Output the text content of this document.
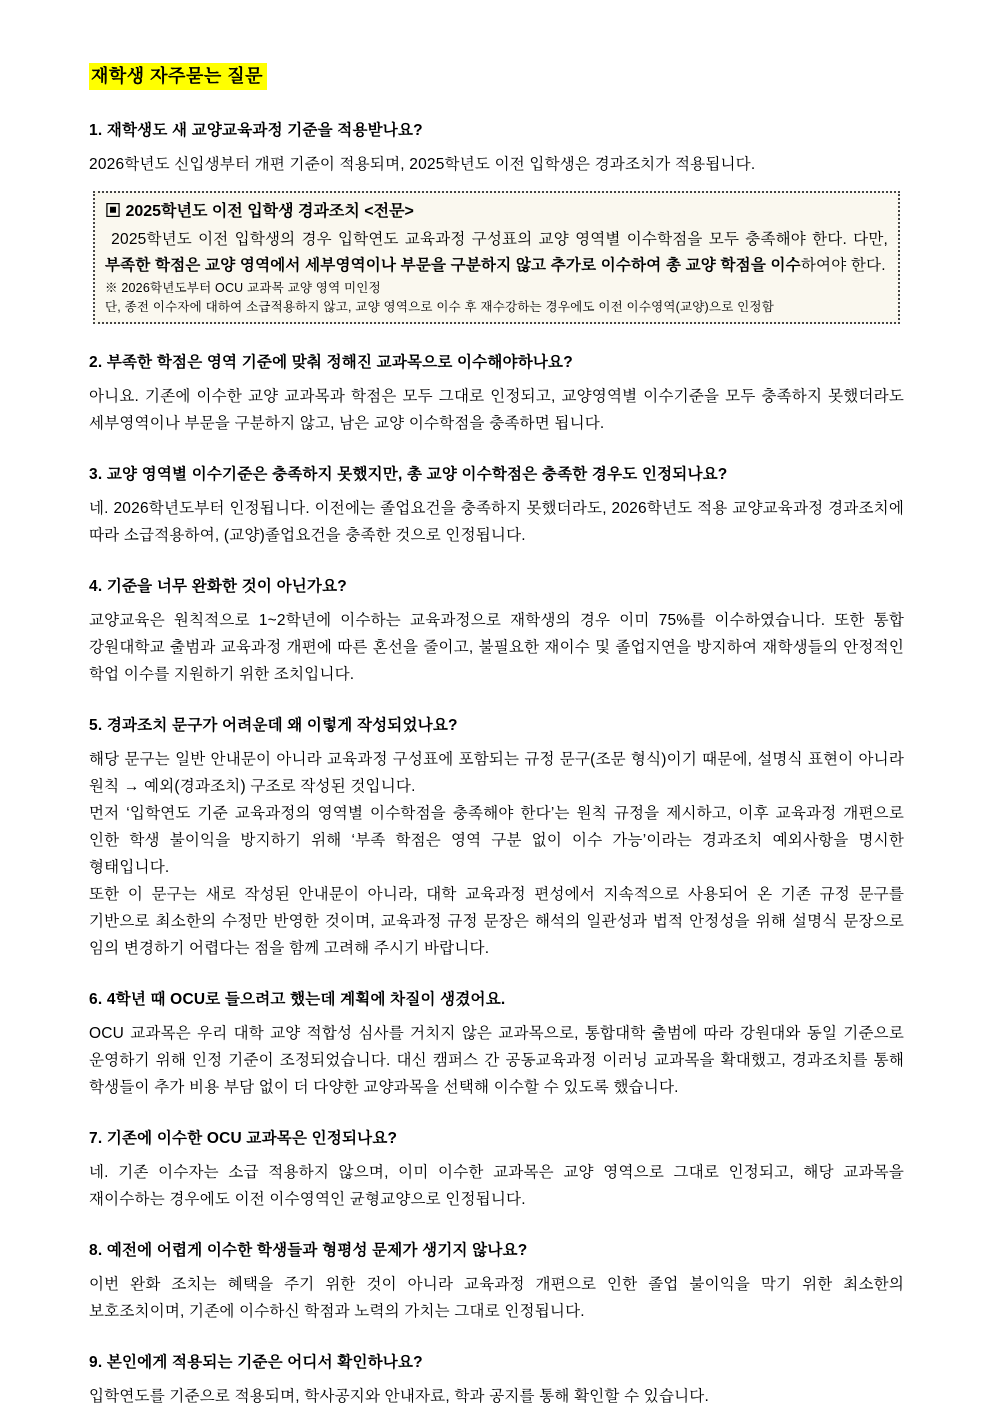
재학생 자주묻는 질문

1. 재학생도 새 교양교육과정 기준을 적용받나요?

2026학년도 신입생부터 개편 기준이 적용되며, 2025학년도 이전 입학생은 경과조치가 적용됩니다.

▣ 2025학년도 이전 입학생 경과조치 <전문>

2025학년도 이전 입학생의 경우 입학연도 교육과정 구성표의 교양 영역별 이수학점을 모두 충족해야 한다. 다만, 부족한 학점은 교양 영역에서 세부영역이나 부문을 구분하지 않고 추가로 이수하여 총 교양 학점을 이수하여야 한다.

※ 2026학년도부터 OCU 교과목 교양 영역 미인정

단, 종전 이수자에 대하여 소급적용하지 않고, 교양 영역으로 이수 후 재수강하는 경우에도 이전 이수영역(교양)으로 인정함

2. 부족한 학점은 영역 기준에 맞춰 정해진 교과목으로 이수해야하나요?

아니요. 기존에 이수한 교양 교과목과 학점은 모두 그대로 인정되고, 교양영역별 이수기준을 모두 충족하지 못했더라도 세부영역이나 부문을 구분하지 않고, 남은 교양 이수학점을 충족하면 됩니다.

3. 교양 영역별 이수기준은 충족하지 못했지만, 총 교양 이수학점은 충족한 경우도 인정되나요?

네. 2026학년도부터 인정됩니다. 이전에는 졸업요건을 충족하지 못했더라도, 2026학년도 적용 교양교육과정 경과조치에 따라 소급적용하여, (교양)졸업요건을 충족한 것으로 인정됩니다.

4. 기준을 너무 완화한 것이 아닌가요?

교양교육은 원칙적으로 1~2학년에 이수하는 교육과정으로 재학생의 경우 이미 75%를 이수하였습니다. 또한 통합 강원대학교 출범과 교육과정 개편에 따른 혼선을 줄이고, 불필요한 재이수 및 졸업지연을 방지하여 재학생들의 안정적인 학업 이수를 지원하기 위한 조치입니다.

5. 경과조치 문구가 어려운데 왜 이렇게 작성되었나요?

해당 문구는 일반 안내문이 아니라 교육과정 구성표에 포함되는 규정 문구(조문 형식)이기 때문에, 설명식 표현이 아니라 원칙 → 예외(경과조치) 구조로 작성된 것입니다.

먼저 ‘입학연도 기준 교육과정의 영역별 이수학점을 충족해야 한다’는 원칙 규정을 제시하고, 이후 교육과정 개편으로 인한 학생 불이익을 방지하기 위해 ‘부족 학점은 영역 구분 없이 이수 가능’이라는 경과조치 예외사항을 명시한 형태입니다.

또한 이 문구는 새로 작성된 안내문이 아니라, 대학 교육과정 편성에서 지속적으로 사용되어 온 기존 규정 문구를 기반으로 최소한의 수정만 반영한 것이며, 교육과정 규정 문장은 해석의 일관성과 법적 안정성을 위해 설명식 문장으로 임의 변경하기 어렵다는 점을 함께 고려해 주시기 바랍니다.

6. 4학년 때 OCU로 들으려고 했는데 계획에 차질이 생겼어요.

OCU 교과목은 우리 대학 교양 적합성 심사를 거치지 않은 교과목으로, 통합대학 출범에 따라 강원대와 동일 기준으로 운영하기 위해 인정 기준이 조정되었습니다. 대신 캠퍼스 간 공동교육과정 이러닝 교과목을 확대했고, 경과조치를 통해 학생들이 추가 비용 부담 없이 더 다양한 교양과목을 선택해 이수할 수 있도록 했습니다.

7. 기존에 이수한 OCU 교과목은 인정되나요?

네. 기존 이수자는 소급 적용하지 않으며, 이미 이수한 교과목은 교양 영역으로 그대로 인정되고, 해당 교과목을 재이수하는 경우에도 이전 이수영역인 균형교양으로 인정됩니다.

8. 예전에 어렵게 이수한 학생들과 형평성 문제가 생기지 않나요?

이번 완화 조치는 혜택을 주기 위한 것이 아니라 교육과정 개편으로 인한 졸업 불이익을 막기 위한 최소한의 보호조치이며, 기존에 이수하신 학점과 노력의 가치는 그대로 인정됩니다.

9. 본인에게 적용되는 기준은 어디서 확인하나요?

입학연도를 기준으로 적용되며, 학사공지와 안내자료, 학과 공지를 통해 확인할 수 있습니다.
